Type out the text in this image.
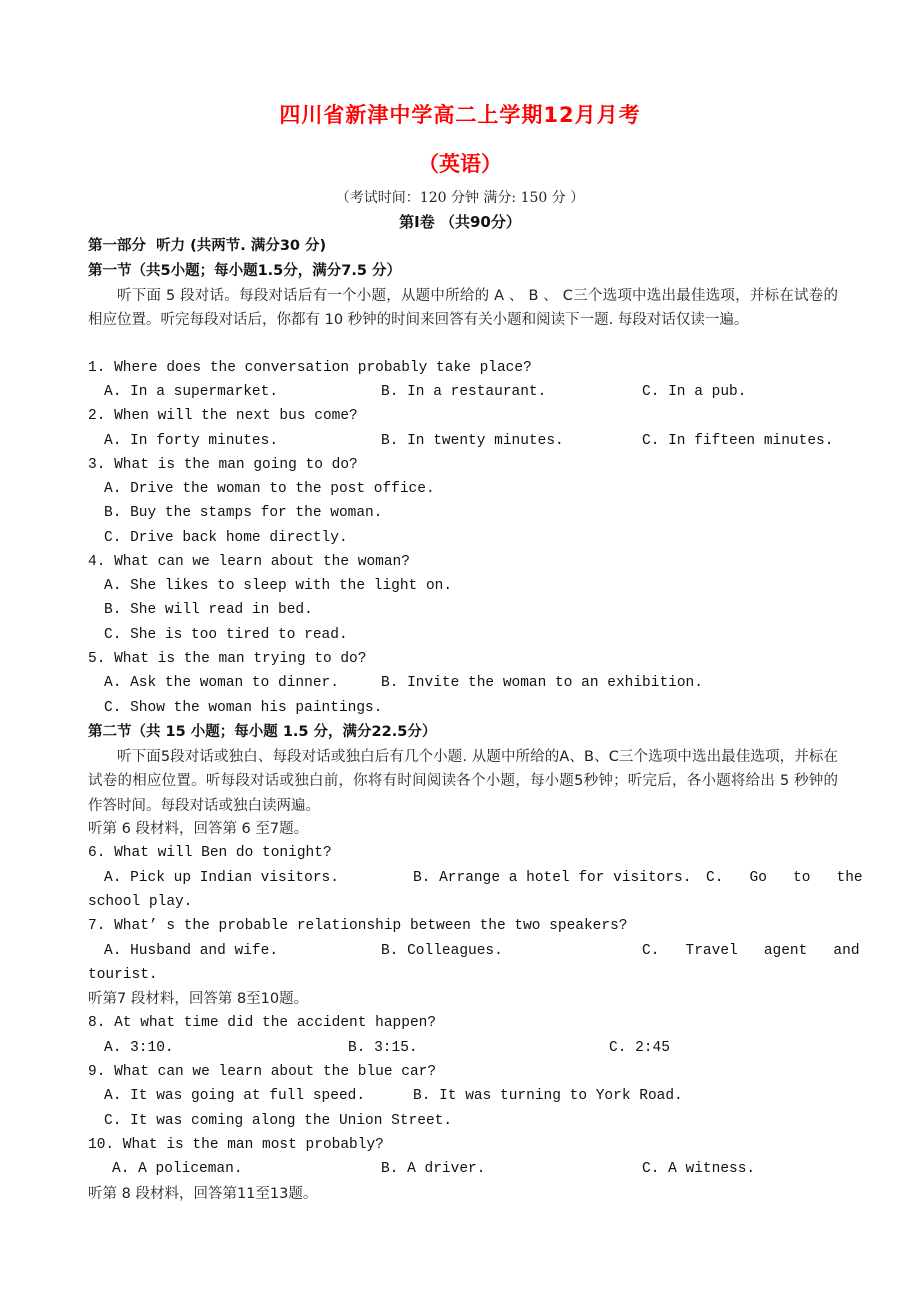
四川省新津中学高二上学期12月月考
（英语）
（考试时间：120 分钟 满分: 150 分 ）
第Ⅰ卷 （共90分）
第一部分  听力 (共两节. 满分30 分)
第一节（共5小题；每小题1.5分，满分7.5 分）
听下面 5 段对话。每段对话后有一个小题，从题中所给的 A 、 B 、 C三个选项中选出最佳选项，并标在试卷的相应位置。听完每段对话后，你都有 10 秒钟的时间来回答有关小题和阅读下一题. 每段对话仅读一遍。
1. Where does the conversation probably take place?
A. In a supermarket.	B. In a restaurant.	C. In a pub.
2. When will the next bus come?
A. In forty minutes.	B. In twenty minutes.	C. In fifteen minutes.
3. What is the man going to do?
A. Drive the woman to the post office.
B. Buy the stamps for the woman.
C. Drive back home directly.
4. What can we learn about the woman?
A. She likes to sleep with the light on.
B. She will read in bed.
C. She is too tired to read.
5. What is the man trying to do?
A. Ask the woman to dinner.	B. Invite the woman to an exhibition.
C. Show the woman his paintings.
第二节（共 15 小题；每小题 1.5 分，满分22.5分）
听下面5段对话或独白、每段对话或独白后有几个小题. 从题中所给的A、B、C三个选项中选出最佳选项，并标在试卷的相应位置。听每段对话或独白前，你将有时间阅读各个小题，每小题5秒钟；听完后，各小题将给出 5 秒钟的作答时间。每段对话或独白读两遍。
听第 6 段材料，回答第 6 至7题。
6. What will Ben do tonight?
A. Pick up Indian visitors.	B. Arrange a hotel for visitors. C.   Go   to   the
school play.
7. What’ s the probable relationship between the two speakers?
A. Husband and wife.	B. Colleagues.	C.   Travel   agent   and
tourist.
听第7 段材料，回答第 8至10题。
8. At what time did the accident happen?
A. 3:10.	B. 3:15.	C. 2:45
9. What can we learn about the blue car?
A. It was going at full speed.	B. It was turning to York Road.
C. It was coming along the Union Street.
10. What is the man most probably?
A. A policeman.	B. A driver.	C. A witness.
听第 8 段材料，回答第11至13题。
